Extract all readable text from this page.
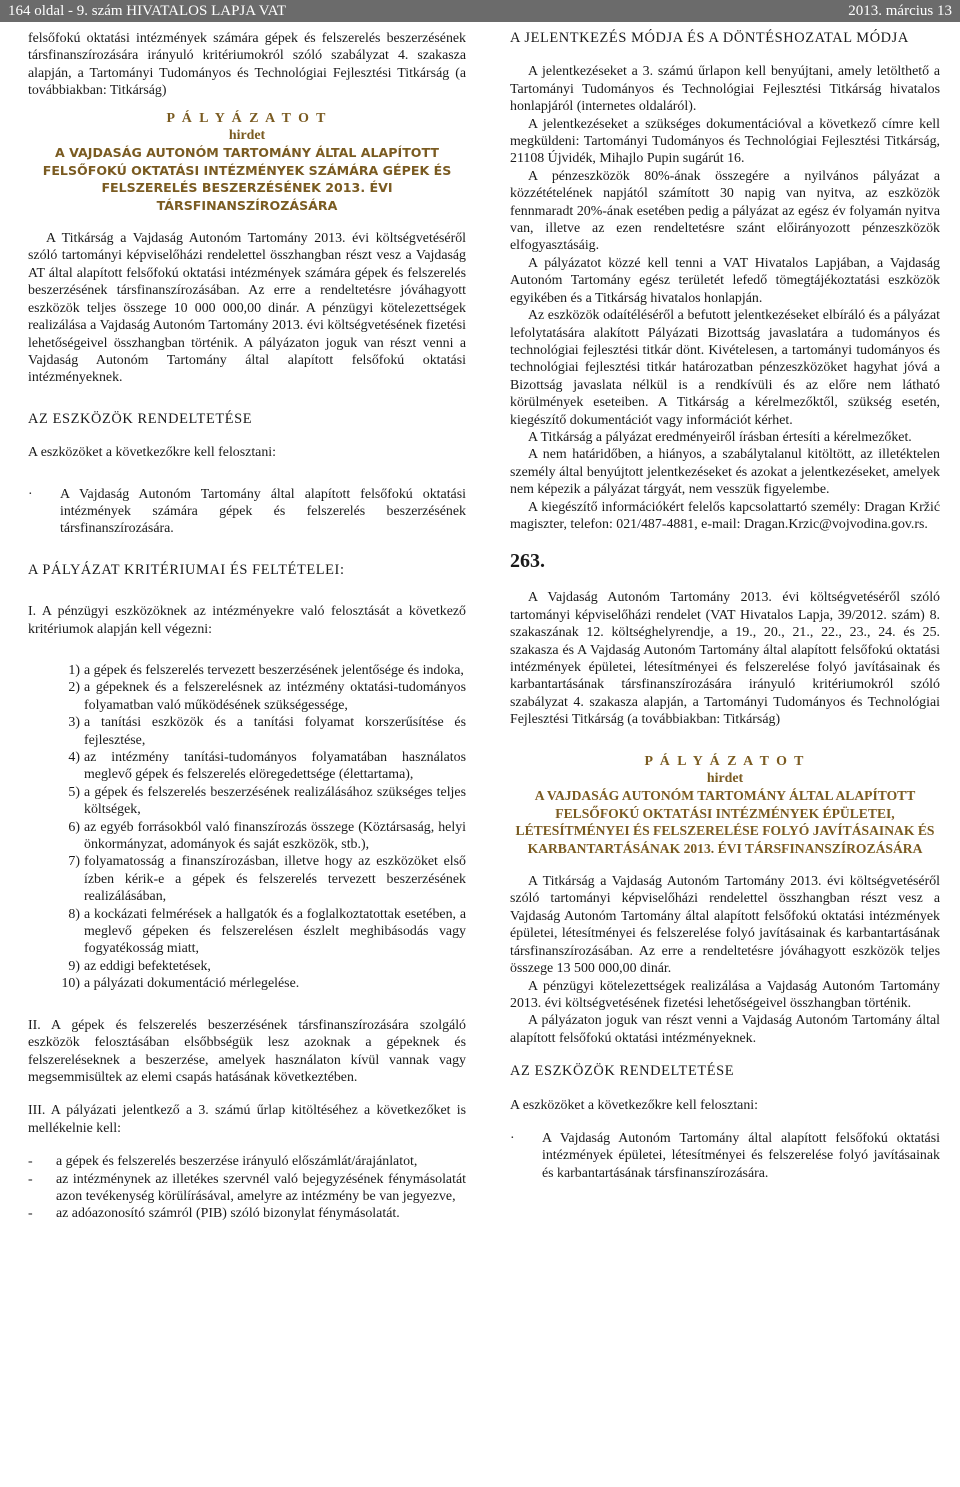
164 oldal - 9. szám HIVATALOS LAPJA VAT	2013. március 13

felsőfokú oktatási intézmények számára gépek és felszerelés beszerzésének társfinanszírozására irányuló kritériumokról szóló szabályzat 4. szakasza alapján, a Tartományi Tudományos és Technológiai Fejlesztési Titkárság (a továbbiakban: Titkárság)

P Á L Y Á Z A T O T

hirdet

A VAJDASÁG AUTONÓM TARTOMÁNY ÁLTAL ALAPÍTOTT FELSŐFOKÚ OKTATÁSI INTÉZMÉNYEK SZÁMÁRA GÉPEK ÉS FELSZERELÉS BESZERZÉSÉNEK 2013. ÉVI TÁRSFINANSZÍROZÁSÁRA

A Titkárság a Vajdaság Autonóm Tartomány 2013. évi költségvetéséről szóló tartományi képviselőházi rendelettel összhangban részt vesz a Vajdaság AT által alapított felsőfokú oktatási intézmények számára gépek és felszerelés beszerzésének társfinanszírozásában. Az erre a rendeltetésre jóváhagyott eszközök teljes összege 10 000 000,00 dinár. A pénzügyi kötelezettségek realizálása a Vajdaság Autonóm Tartomány 2013. évi költségvetésének fizetési lehetőségeivel összhangban történik. A pályázaton joguk van részt venni a Vajdaság Autonóm Tartomány által alapított felsőfokú oktatási intézményeknek.

AZ ESZKÖZÖK RENDELTETÉSE

A eszközöket a következőkre kell felosztani:

·	A Vajdaság Autonóm Tartomány által alapított felsőfokú oktatási intézmények számára gépek és felszerelés beszerzésének társfinanszírozására.

A PÁLYÁZAT KRITÉRIUMAI ÉS FELTÉTELEI:

I. A pénzügyi eszközöknek az intézményekre való felosztását a következő kritériumok alapján kell végezni:

1) a gépek és felszerelés tervezett beszerzésének jelentősége és indoka,
2) a gépeknek és a felszerelésnek az intézmény oktatási-tudományos folyamatban való működésének szükségessége,
3) a tanítási eszközök és a tanítási folyamat korszerűsítése és fejlesztése,
4) az intézmény tanítási-tudományos folyamatában használatos meglevő gépek és felszerelés elöregedettsége (élettartama),
5) a gépek és felszerelés beszerzésének realizálásához szükséges teljes költségek,
6) az egyéb forrásokból való finanszírozás összege (Köztársaság, helyi önkormányzat, adományok és saját eszközök, stb.),
7) folyamatosság a finanszírozásban, illetve hogy az eszközöket első ízben kérik-e a gépek és felszerelés tervezett beszerzésének realizálásában,
8) a kockázati felmérések a hallgatók és a foglalkoztatottak esetében, a meglevő gépeken és felszerelésen észlelt meghibásodás vagy fogyatékosság miatt,
9) az eddigi befektetések,
10) a pályázati dokumentáció mérlegelése.

II. A gépek és felszerelés beszerzésének társfinanszírozására szolgáló eszközök felosztásában elsőbbségük lesz azoknak a gépeknek és felszereléseknek a beszerzése, amelyek használaton kívül vannak vagy megsemmisültek az elemi csapás hatásának következtében.

III. A pályázati jelentkező a 3. számú űrlap kitöltéséhez a következőket is mellékelnie kell:

-	a gépek és felszerelés beszerzése irányuló előszámlát/árajánlatot,
-	az intézménynek az illetékes szervnél való bejegyzésének fénymásolatát azon tevékenység körülírásával, amelyre az intézmény be van jegyezve,
-	az adóazonosító számról (PIB) szóló bizonylat fénymásolatát.

A JELENTKEZÉS MÓDJA ÉS A DÖNTÉSHOZATAL MÓDJA

A jelentkezéseket a 3. számú űrlapon kell benyújtani, amely letölthető a Tartományi Tudományos és Technológiai Fejlesztési Titkárság hivatalos honlapjáról (internetes oldaláról).

A jelentkezéseket a szükséges dokumentációval a következő címre kell megküldeni: Tartományi Tudományos és Technológiai Fejlesztési Titkárság, 21108 Újvidék, Mihajlo Pupin sugárút 16.

A pénzeszközök 80%-ának összegére a nyilvános pályázat a közzétételének napjától számított 30 napig van nyitva, az eszközök fennmaradt 20%-ának esetében pedig a pályázat az egész év folyamán nyitva van, illetve az ezen rendeltetésre szánt előirányozott pénzeszközök elfogyasztásáig.

A pályázatot közzé kell tenni a VAT Hivatalos Lapjában, a Vajdaság Autonóm Tartomány egész területét lefedő tömegtájékoztatási eszközök egyikében és a Titkárság hivatalos honlapján.

Az eszközök odaítéléséről a befutott jelentkezéseket elbíráló és a pályázat lefolytatására alakított Pályázati Bizottság javaslatára a tudományos és technológiai fejlesztési titkár dönt. Kivételesen, a tartományi tudományos és technológiai fejlesztési titkár határozatban pénzeszközöket hagyhat jóvá a Bizottság javaslata nélkül is a rendkívüli és az előre nem látható körülmények eseteiben. A Titkárság a kérelmezőktől, szükség esetén, kiegészítő dokumentációt vagy információt kérhet.

A Titkárság a pályázat eredményeiről írásban értesíti a kérelmezőket.

A nem határidőben, a hiányos, a szabálytalanul kitöltött, az illetéktelen személy által benyújtott jelentkezéseket és azokat a jelentkezéseket, amelyek nem képezik a pályázat tárgyát, nem vesszük figyelembe.

A kiegészítő információkért felelős kapcsolattartó személy: Dragan Kržić magiszter, telefon: 021/487-4881, e-mail: Dragan.Krzic@vojvodina.gov.rs.

263.

A Vajdaság Autonóm Tartomány 2013. évi költségvetéséről szóló tartományi képviselőházi rendelet (VAT Hivatalos Lapja, 39/2012. szám) 8. szakaszának 12. költséghelyrendje, a 19., 20., 21., 22., 23., 24. és 25. szakasza és A Vajdaság Autonóm Tartomány által alapított felsőfokú oktatási intézmények épületei, létesítményei és felszerelése folyó javításainak és karbantartásának társfinanszírozására irányuló kritériumokról szóló szabályzat 4. szakasza alapján, a Tartományi Tudományos és Technológiai Fejlesztési Titkárság (a továbbiakban: Titkárság)

P Á L Y Á Z A T O T

hirdet

A VAJDASÁG AUTONÓM TARTOMÁNY ÁLTAL ALAPÍTOTT FELSŐFOKÚ OKTATÁSI INTÉZMÉNYEK ÉPÜLETEI, LÉTESÍTMÉNYEI ÉS FELSZERELÉSE FOLYÓ JAVÍTÁSAINAK ÉS KARBANTARTÁSÁNAK 2013. ÉVI TÁRSFINANSZÍROZÁSÁRA

A Titkárság a Vajdaság Autonóm Tartomány 2013. évi költségvetéséről szóló tartományi képviselőházi rendelettel összhangban részt vesz a Vajdaság Autonóm Tartomány által alapított felsőfokú oktatási intézmények épületei, létesítményei és felszerelése folyó javításainak és karbantartásának társfinanszírozásában. Az erre a rendeltetésre jóváhagyott eszközök teljes összege 13 500 000,00 dinár.

A pénzügyi kötelezettségek realizálása a Vajdaság Autonóm Tartomány 2013. évi költségvetésének fizetési lehetőségeivel összhangban történik.

A pályázaton joguk van részt venni a Vajdaság Autonóm Tartomány által alapított felsőfokú oktatási intézményeknek.

AZ ESZKÖZÖK RENDELTETÉSE

A eszközöket a következőkre kell felosztani:

·	A Vajdaság Autonóm Tartomány által alapított felsőfokú oktatási intézmények épületei, létesítményei és felszerelése folyó javításainak és karbantartásának társfinanszírozására.
